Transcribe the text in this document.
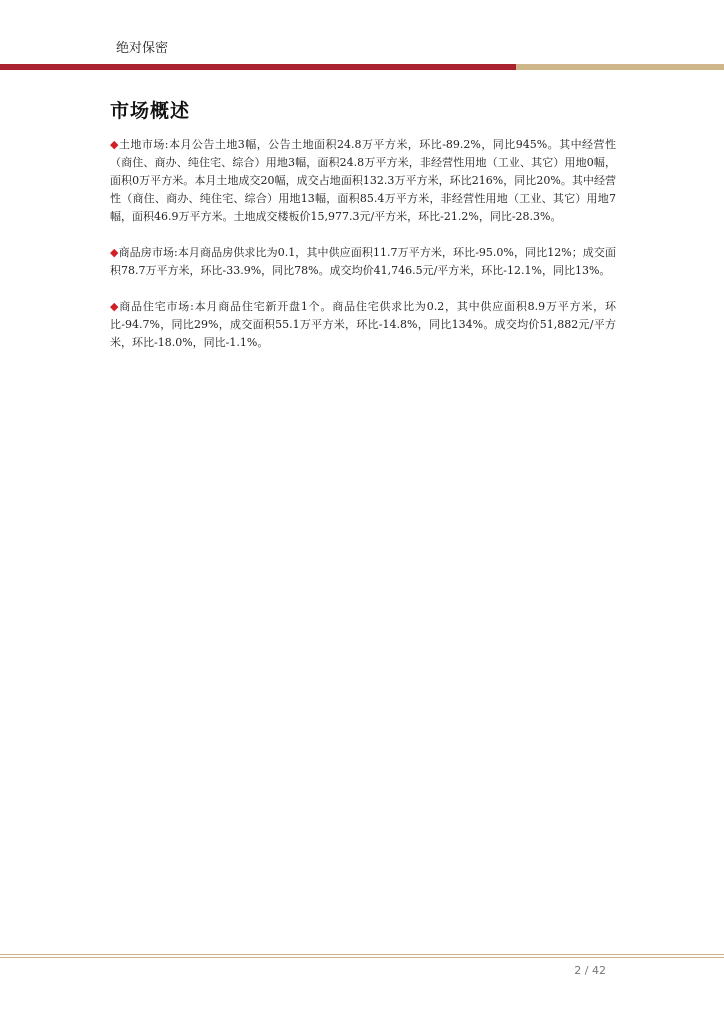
绝对保密
市场概述

◆土地市场:本月公告土地3幅，公告土地面积24.8万平方米，环比-89.2%，同比945%。其中经营性（商住、商办、纯住宅、综合）用地3幅，面积24.8万平方米，非经营性用地（工业、其它）用地0幅，面积0万平方米。本月土地成交20幅，成交占地面积132.3万平方米，环比216%，同比20%。其中经营性（商住、商办、纯住宅、综合）用地13幅，面积85.4万平方米，非经营性用地（工业、其它）用地7幅，面积46.9万平方米。土地成交楼板价15,977.3元/平方米，环比-21.2%，同比-28.3%。

◆商品房市场:本月商品房供求比为0.1，其中供应面积11.7万平方米，环比-95.0%，同比12%；成交面积78.7万平方米，环比-33.9%，同比78%。成交均价41,746.5元/平方米，环比-12.1%，同比13%。

◆商品住宅市场:本月商品住宅新开盘1个。商品住宅供求比为0.2，其中供应面积8.9万平方米，环比-94.7%，同比29%，成交面积55.1万平方米，环比-14.8%，同比134%。成交均价51,882元/平方米，环比-18.0%，同比-1.1%。

2 / 42
